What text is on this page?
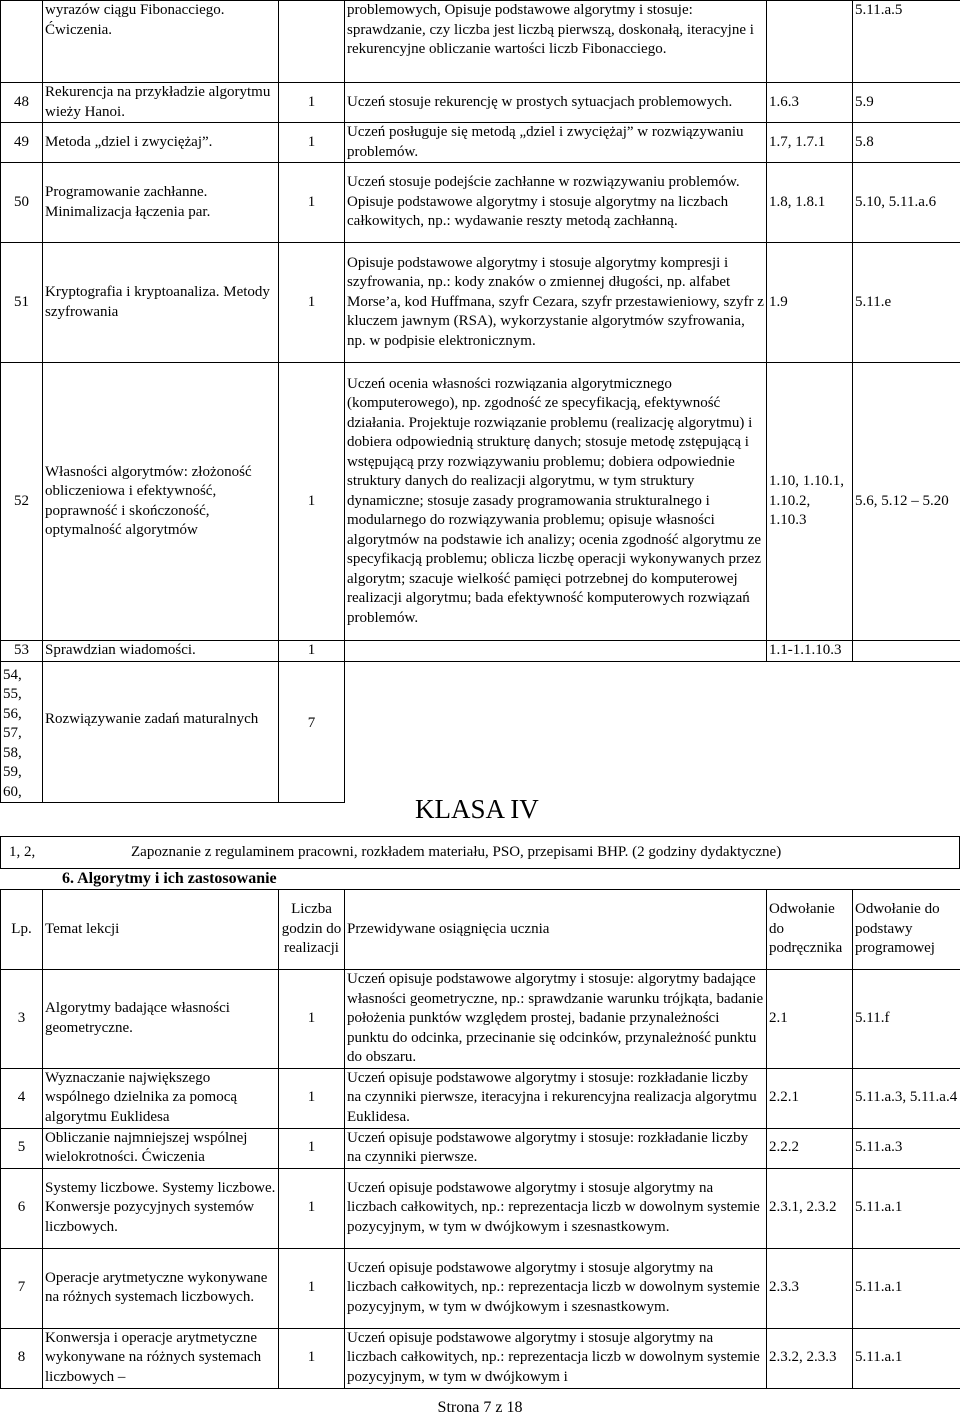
	wyrazów ciągu Fibonacciego. Ćwiczenia.		problemowych, Opisuje podstawowe algorytmy i stosuje: sprawdzanie, czy liczba jest liczbą pierwszą, doskonałą, iteracyjne i rekurencyjne obliczanie wartości liczb Fibonacciego.		5.11.a.5
48	Rekurencja na przykładzie algorytmu wieży Hanoi.	1	Uczeń stosuje rekurencję w prostych sytuacjach problemowych.	1.6.3	5.9
49	Metoda „dziel i zwyciężaj”.	1	Uczeń posługuje się metodą „dziel i zwyciężaj” w rozwiązywaniu problemów.	1.7, 1.7.1	5.8
50	Programowanie zachłanne. Minimalizacja łączenia par.	1	Uczeń stosuje podejście zachłanne w rozwiązywaniu problemów. Opisuje podstawowe algorytmy i stosuje algorytmy na liczbach całkowitych, np.: wydawanie reszty metodą zachłanną.	1.8, 1.8.1	5.10, 5.11.a.6
51	Kryptografia i kryptoanaliza. Metody szyfrowania	1	Opisuje podstawowe algorytmy i stosuje algorytmy kompresji i szyfrowania, np.: kody znaków o zmiennej długości, np. alfabet Morse’a, kod Huffmana, szyfr Cezara, szyfr przestawieniowy, szyfr z kluczem jawnym (RSA), wykorzystanie algorytmów szyfrowania, np. w podpisie elektronicznym.	1.9	5.11.e
52	Własności algorytmów: złożoność obliczeniowa i efektywność, poprawność i skończoność, optymalność algorytmów	1	Uczeń ocenia własności rozwiązania algorytmicznego (komputerowego), np. zgodność ze specyfikacją, efektywność działania. Projektuje rozwiązanie problemu (realizację algorytmu) i dobiera odpowiednią strukturę danych; stosuje metodę zstępującą i wstępującą przy rozwiązywaniu problemu; dobiera odpowiednie struktury danych do realizacji algorytmu, w tym struktury dynamiczne; stosuje zasady programowania strukturalnego i modularnego do rozwiązywania problemu; opisuje własności algorytmów na podstawie ich analizy; ocenia zgodność algorytmu ze specyfikacją problemu; oblicza liczbę operacji wykonywanych przez algorytm; szacuje wielkość pamięci potrzebnej do komputerowej realizacji algorytmu; bada efektywność komputerowych rozwiązań problemów.	1.10, 1.10.1, 1.10.2, 1.10.3	5.6, 5.12 – 5.20
53	Sprawdzian wiadomości.	1		1.1-1.1.10.3	
54, 55, 56, 57, 58, 59, 60,	Rozwiązywanie zadań maturalnych	7			
KLASA IV
1, 2,	Zapoznanie z regulaminem pracowni, rozkładem materiału, PSO, przepisami BHP. (2 godziny dydaktyczne)
6. Algorytmy i ich zastosowanie
Lp.	Temat lekcji	Liczba godzin do realizacji	Przewidywane osiągnięcia ucznia	Odwołanie do podręcznika	Odwołanie do podstawy programowej
3	Algorytmy badające własności geometryczne.	1	Uczeń opisuje podstawowe algorytmy i stosuje: algorytmy badające własności geometryczne, np.: sprawdzanie warunku trójkąta, badanie położenia punktów względem prostej, badanie przynależności punktu do odcinka, przecinanie się odcinków, przynależność punktu do obszaru.	2.1	5.11.f
4	Wyznaczanie największego wspólnego dzielnika za pomocą algorytmu Euklidesa	1	Uczeń opisuje podstawowe algorytmy i stosuje: rozkładanie liczby na czynniki pierwsze, iteracyjna i rekurencyjna realizacja algorytmu Euklidesa.	2.2.1	5.11.a.3, 5.11.a.4
5	Obliczanie najmniejszej wspólnej wielokrotności. Ćwiczenia	1	Uczeń opisuje podstawowe algorytmy i stosuje: rozkładanie liczby na czynniki pierwsze.	2.2.2	5.11.a.3
6	Systemy liczbowe. Systemy liczbowe. Konwersje pozycyjnych systemów liczbowych.	1	Uczeń opisuje podstawowe algorytmy i stosuje algorytmy na liczbach całkowitych, np.: reprezentacja liczb w dowolnym systemie pozycyjnym, w tym w dwójkowym i szesnastkowym.	2.3.1, 2.3.2	5.11.a.1
7	Operacje arytmetyczne wykonywane na różnych systemach liczbowych.	1	Uczeń opisuje podstawowe algorytmy i stosuje algorytmy na liczbach całkowitych, np.: reprezentacja liczb w dowolnym systemie pozycyjnym, w tym w dwójkowym i szesnastkowym.	2.3.3	5.11.a.1
8	Konwersja i operacje arytmetyczne wykonywane na różnych systemach liczbowych –	1	Uczeń opisuje podstawowe algorytmy i stosuje algorytmy na liczbach całkowitych, np.: reprezentacja liczb w dowolnym systemie pozycyjnym, w tym w dwójkowym i	2.3.2, 2.3.3	5.11.a.1
Strona 7 z 18
